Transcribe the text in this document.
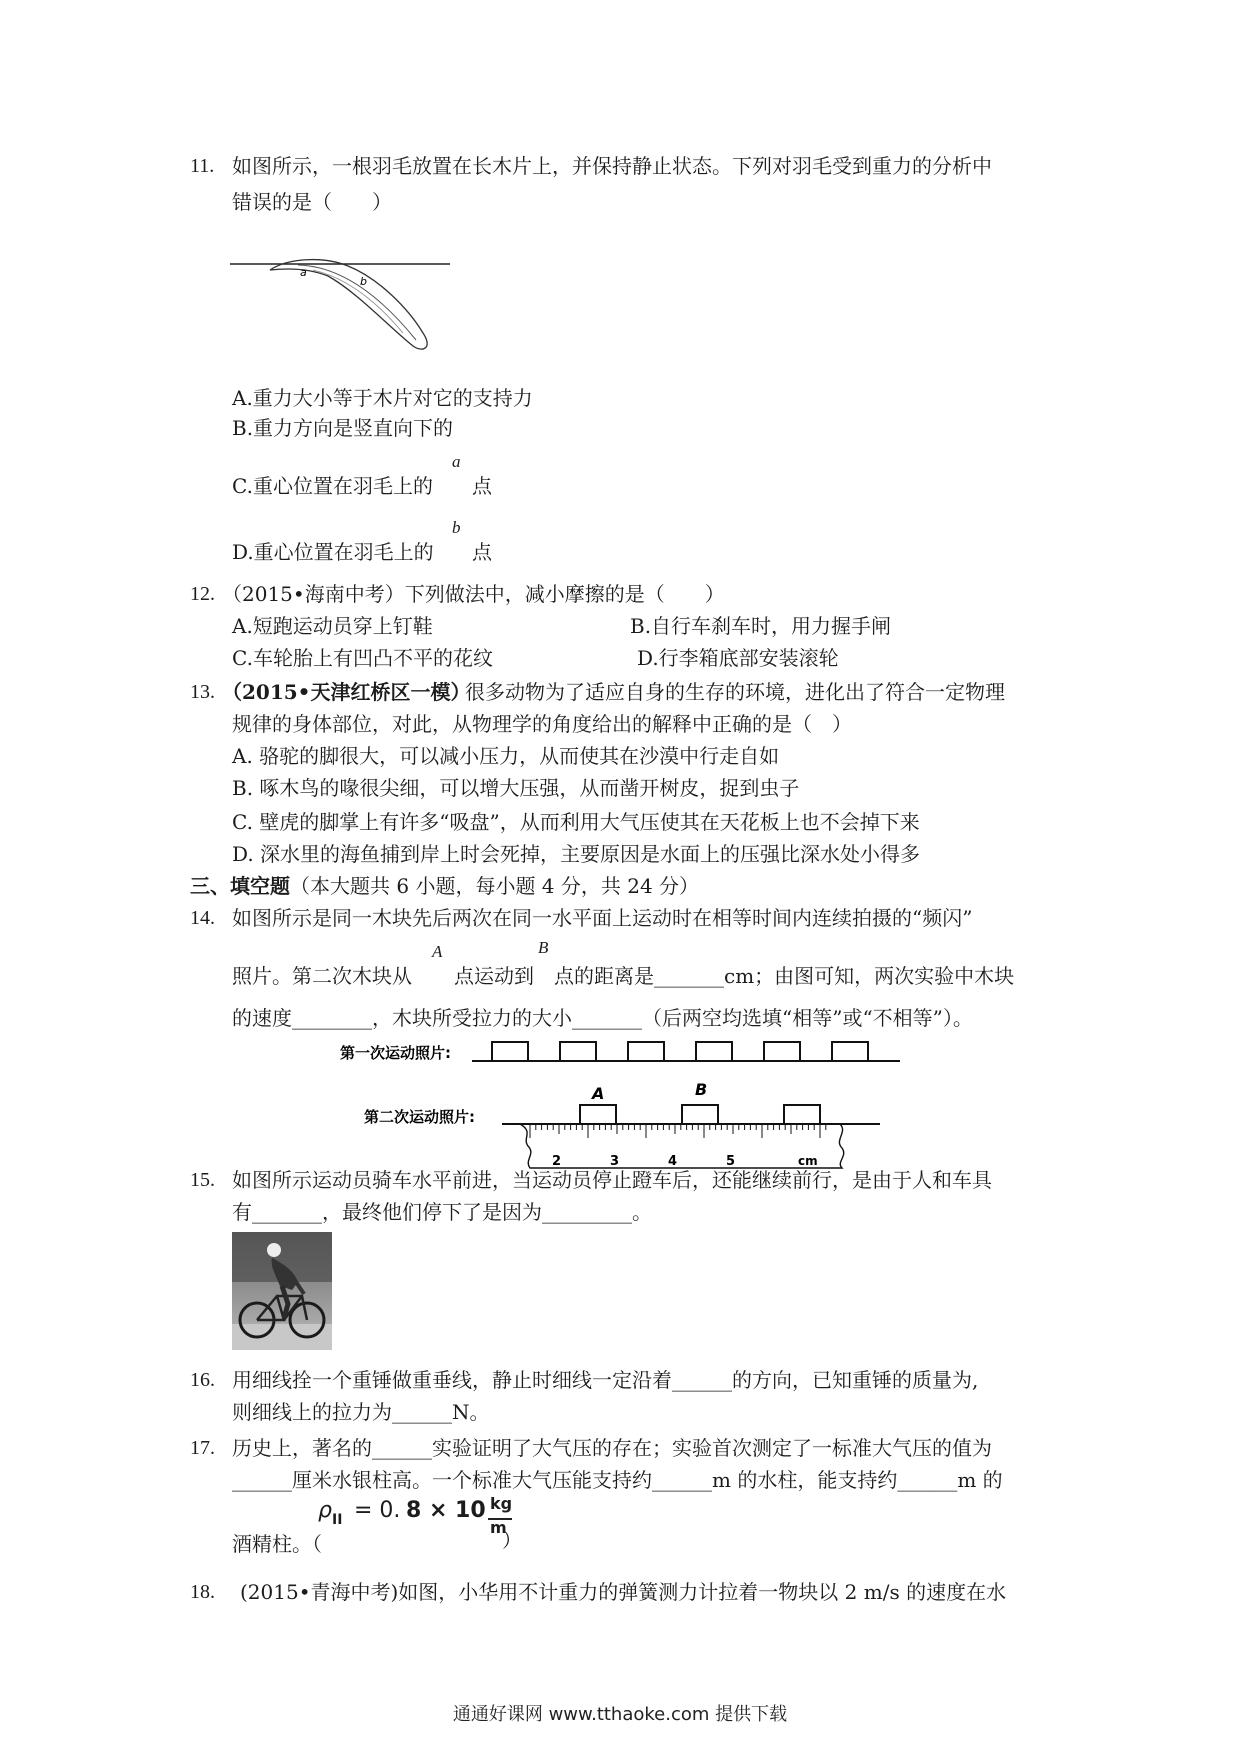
11. 如图所示，一根羽毛放置在长木片上，并保持静止状态。下列对羽毛受到重力的分析中
错误的是（　　）
a
b
A.重力大小等于木片对它的支持力
B.重力方向是竖直向下的
C.重心位置在羽毛上的
a
点
D.重心位置在羽毛上的
b
点
12. （2015•海南中考）下列做法中，减小摩擦的是（　　）
A.短跑运动员穿上钉鞋	B.自行车刹车时，用力握手闸
C.车轮胎上有凹凸不平的花纹	D.行李箱底部安装滚轮
13. （2015•天津红桥区一模）
很多动物为了适应自身的生存的环境，进化出了符合一定物理
规律的身体部位，对此，从物理学的角度给出的解释中正确的是（　）
A. 骆驼的脚很大，可以减小压力，从而使其在沙漠中行走自如
B. 啄木鸟的喙很尖细，可以增大压强，从而凿开树皮，捉到虫子
C. 壁虎的脚掌上有许多“吸盘”，从而利用大气压使其在天花板上也不会掉下来
D. 深水里的海鱼捕到岸上时会死掉，主要原因是水面上的压强比深水处小得多
三、填空题 （本大题共 6 小题，每小题 4 分，共 24 分）
14. 如图所示是同一木块先后两次在同一水平面上运动时在相等时间内连续拍摄的“频闪”
照片。第二次木块从
A
点运动到
B
点的距离是_______cm；由图可知，两次实验中木块
的速度________，木块所受拉力的大小_______（后两空均选填“相等”或“不相等”）。
第一次运动照片:
第二次运动照片:
A	B
2	3	4	5	cm
15. 如图所示运动员骑车水平前进，当运动员停止蹬车后，还能继续前行，是由于人和车具
有_______，最终他们停下了是因为_________。
16. 用细线拴一个重锤做重垂线，静止时细线一定沿着______的方向，已知重锤的质量为,
则细线上的拉力为______N。
17. 历史上，著名的______实验证明了大气压的存在；实验首次测定了一标准大气压的值为
______厘米水银柱高。一个标准大气压能支持约______m 的水柱，能支持约______m 的
酒精柱。（
ρ II = 0. 8 × 10 kg
m
）
18. (2015•青海中考)如图，小华用不计重力的弹簧测力计拉着一物块以 2 m/s 的速度在水
通通好课网 www.tthaoke.com 提供下载
